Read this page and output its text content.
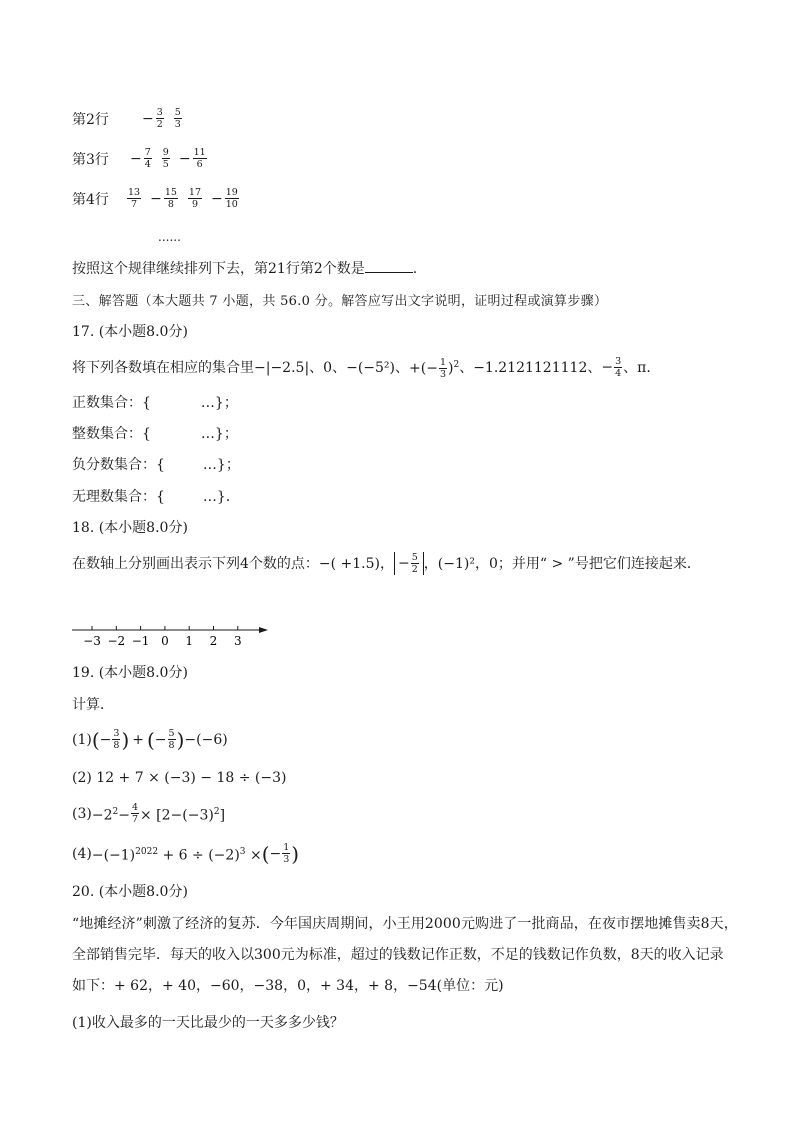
第2行 − $\frac{3}{2} \frac{5}{3}$
第3行 − $\frac{7}{4} \frac{9}{5} - \frac{11}{6}$
第4行 $\frac{13}{7} - \frac{15}{8} \frac{17}{9} - \frac{19}{10}$
......
按照这个规律继续排列下去，第21行第2个数是	.
三、解答题（本大题共 7 小题，共 56.0 分。解答应写出文字说明，证明过程或演算步骤）
17. (本小题8.0分)
将下列各数填在相应的集合里 −|−2.5| 、 0 、 −(−5²) 、 +(− $\frac{1}{3} )^2$ 、 −1.2121121112 、 − $\frac{3}{4}$ 、 π ．
正数集合：{	…}；
整数集合：{	…}；
负分数集合：{	…}；
无理数集合：{	…}．
18. (本小题8.0分)
在数轴上分别画出表示下列4个数的点： −( +1.5)， − $\frac{5}{2}$ ， (−1)²，0；并用“ > ”号把它们连接起来．
−3 −2 −1 0 1 2 3
19. (本小题8.0分)
计算．
(1) ( − $\frac{3}{8}$ ) + ( − $\frac{5}{8}$ ) −(−6)
(2) 12 + 7 × (−3) − 18 ÷ (−3)
$(3) -2^2- \frac{4}{7} \times [2-(-3)^2]$
$(4) -(-1)^{2022} + 6 \div (-2)^3$ × ( − $\frac{1}{3}$ )
20. (本小题8.0分)
“地摊经济”刺激了经济的复苏．今年国庆周期间，小王用2000元购进了一批商品，在夜市摆地摊售卖8天，
全部销售完毕．每天的收入以300元为标准，超过的钱数记作正数，不足的钱数记作负数，8天的收入记录
如下：+ 62，+ 40，−60，−38，0，+ 34，+ 8，−54(单位：元)
(1)收入最多的一天比最少的一天多多少钱？
